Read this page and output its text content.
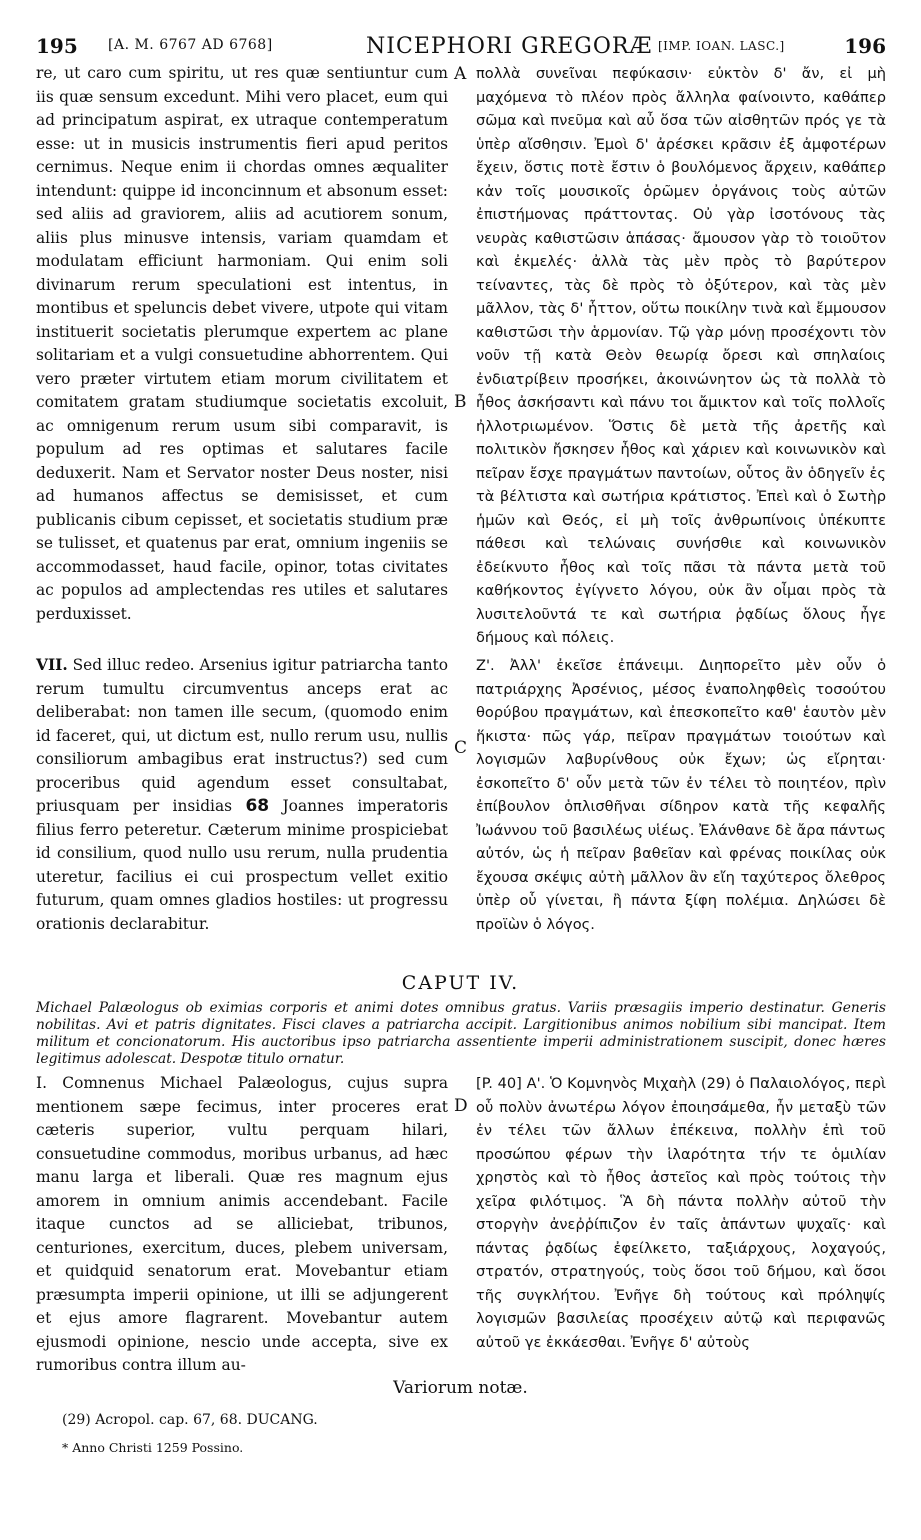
195 [A. M. 6767 AD 6768]	NICEPHORI GREGORÆ [IMP. IOAN. LASC.]	196

re, ut caro cum spiritu, ut res quæ sentiuntur cum iis quæ sensum excedunt. Mihi vero placet, eum qui ad principatum aspirat, ex utraque contemperatum esse: ut in musicis instrumentis fieri apud peritos cernimus. Neque enim ii chordas omnes æqualiter intendunt: quippe id inconcinnum et absonum esset: sed aliis ad graviorem, aliis ad acutiorem sonum, aliis plus minusve intensis, variam quamdam et modulatam efficiunt harmoniam. Qui enim soli divinarum rerum speculationi est intentus, in montibus et speluncis debet vivere, utpote qui vitam instituerit societatis plerumque expertem ac plane solitariam et a vulgi consuetudine abhorrentem. Qui vero præter virtutem etiam morum civilitatem et comitatem gratam studiumque societatis excoluit, ac omnigenum rerum usum sibi comparavit, is populum ad res optimas et salutares facile deduxerit. Nam et Servator noster Deus noster, nisi ad humanos affectus se demisisset, et cum publicanis cibum cepisset, et societatis studium præ se tulisset, et quatenus par erat, omnium ingeniis se accommodasset, haud facile, opinor, totas civitates ac populos ad amplectendas res utiles et salutares perduxisset.

πολλὰ συνεῖναι πεφύκασιν· εὐκτὸν δ' ἄν, εἰ μὴ μαχόμενα τὸ πλέον πρὸς ἄλληλα φαίνοιντο, καθάπερ σῶμα καὶ πνεῦμα καὶ αὖ ὅσα τῶν αἰσθητῶν πρός γε τὰ ὑπὲρ αἴσθησιν. Ἐμοὶ δ' ἀρέσκει κρᾶσιν ἐξ ἀμφοτέρων ἔχειν, ὅστις ποτὲ ἔστιν ὁ βουλόμενος ἄρχειν, καθάπερ κἀν τοῖς μουσικοῖς ὁρῶμεν ὀργάνοις τοὺς αὐτῶν ἐπιστήμονας πράττοντας. Οὐ γὰρ ἰσοτόνους τὰς νευρὰς καθιστῶσιν ἁπάσας· ἄμουσον γὰρ τὸ τοιοῦτον καὶ ἐκμελές· ἀλλὰ τὰς μὲν πρὸς τὸ βαρύτερον τείναντες, τὰς δὲ πρὸς τὸ ὀξύτερον, καὶ τὰς μὲν μᾶλλον, τὰς δ' ἧττον, οὕτω ποικίλην τινὰ καὶ ἔμμουσον καθιστῶσι τὴν ἁρμονίαν. Τῷ γὰρ μόνῃ προσέχοντι τὸν νοῦν τῇ κατὰ Θεὸν θεωρίᾳ ὄρεσι καὶ σπηλαίοις ἐνδιατρίβειν προσήκει, ἀκοινώνητον ὡς τὰ πολλὰ τὸ ἦθος ἀσκήσαντι καὶ πάνυ τοι ἄμικτον καὶ τοῖς πολλοῖς ἠλλοτριωμένον. Ὅστις δὲ μετὰ τῆς ἀρετῆς καὶ πολιτικὸν ἤσκησεν ἦθος καὶ χάριεν καὶ κοινωνικὸν καὶ πεῖραν ἔσχε πραγμάτων παντοίων, οὗτος ἂν ὁδηγεῖν ἐς τὰ βέλτιστα καὶ σωτήρια κράτιστος. Ἐπεὶ καὶ ὁ Σωτὴρ ἡμῶν καὶ Θεός, εἰ μὴ τοῖς ἀνθρωπίνοις ὑπέκυπτε πάθεσι καὶ τελώναις συνήσθιε καὶ κοινωνικὸν ἐδείκνυτο ἦθος καὶ τοῖς πᾶσι τὰ πάντα μετὰ τοῦ καθήκοντος ἐγίγνετο λόγου, οὐκ ἂν οἶμαι πρὸς τὰ λυσιτελοῦντά τε καὶ σωτήρια ῥᾳδίως ὅλους ἦγε δήμους καὶ πόλεις.

A
B
C
D

VII. Sed illuc redeo. Arsenius igitur patriarcha tanto rerum tumultu circumventus anceps erat ac deliberabat: non tamen ille secum, (quomodo enim id faceret, qui, ut dictum est, nullo rerum usu, nullis consiliorum ambagibus erat instructus?) sed cum proceribus quid agendum esset consultabat, priusquam per insidias 68 Joannes imperatoris filius ferro peteretur. Cæterum minime prospiciebat id consilium, quod nullo usu rerum, nulla prudentia uteretur, facilius ei cui prospectum vellet exitio futurum, quam omnes gladios hostiles: ut progressu orationis declarabitur.

Ζ'. Ἀλλ' ἐκεῖσε ἐπάνειμι. Διηπορεῖτο μὲν οὖν ὁ πατριάρχης Ἀρσένιος, μέσος ἐναποληφθεὶς τοσούτου θορύβου πραγμάτων, καὶ ἐπεσκοπεῖτο καθ' ἑαυτὸν μὲν ἥκιστα· πῶς γάρ, πεῖραν πραγμάτων τοιούτων καὶ λογισμῶν λαβυρίνθους οὐκ ἔχων; ὡς εἴρηται· ἐσκοπεῖτο δ' οὖν μετὰ τῶν ἐν τέλει τὸ ποιητέον, πρὶν ἐπίβουλον ὁπλισθῆναι σίδηρον κατὰ τῆς κεφαλῆς Ἰωάννου τοῦ βασιλέως υἱέως. Ἐλάνθανε δὲ ἄρα πάντως αὐτόν, ὡς ἡ πεῖραν βαθεῖαν καὶ φρένας ποικίλας οὐκ ἔχουσα σκέψις αὐτὴ μᾶλλον ἂν εἴη ταχύτερος ὄλεθρος ὑπὲρ οὗ γίνεται, ἢ πάντα ξίφη πολέμια. Δηλώσει δὲ προϊὼν ὁ λόγος.

CAPUT IV.
Michael Palæologus ob eximias corporis et animi dotes omnibus gratus. Variis præsagiis imperio destinatur. Generis nobilitas. Avi et patris dignitates. Fisci claves a patriarcha accipit. Largitionibus animos nobilium sibi mancipat. Item militum et concionatorum. His auctoribus ipso patriarcha assentiente imperii administrationem suscipit, donec hæres legitimus adolescat. Despotæ titulo ornatur.

I. Comnenus Michael Palæologus, cujus supra mentionem sæpe fecimus, inter proceres erat cæteris superior, vultu perquam hilari, consuetudine commodus, moribus urbanus, ad hæc manu larga et liberali. Quæ res magnum ejus amorem in omnium animis accendebant. Facile itaque cunctos ad se alliciebat, tribunos, centuriones, exercitum, duces, plebem universam, et quidquid senatorum erat. Movebantur etiam præsumpta imperii opinione, ut illi se adjungerent et ejus amore flagrarent. Movebantur autem ejusmodi opinione, nescio unde accepta, sive ex rumoribus contra illum au-

[P. 40] Α'. Ὁ Κομνηνὸς Μιχαὴλ (29) ὁ Παλαιολόγος, περὶ οὗ πολὺν ἀνωτέρω λόγον ἐποιησάμεθα, ἦν μεταξὺ τῶν ἐν τέλει τῶν ἄλλων ἐπέκεινα, πολλὴν ἐπὶ τοῦ προσώπου φέρων τὴν ἱλαρότητα τήν τε ὁμιλίαν χρηστὸς καὶ τὸ ἦθος ἀστεῖος καὶ πρὸς τούτοις τὴν χεῖρα φιλότιμος. Ἃ δὴ πάντα πολλὴν αὐτοῦ τὴν στοργὴν ἀνεῤῥίπιζον ἐν ταῖς ἁπάντων ψυχαῖς· καὶ πάντας ῥᾳδίως ἐφείλκετο, ταξιάρχους, λοχαγούς, στρατόν, στρατηγούς, τοὺς ὅσοι τοῦ δήμου, καὶ ὅσοι τῆς συγκλήτου. Ἐνῆγε δὴ τούτους καὶ πρόληψίς λογισμῶν βασιλείας προσέχειν αὐτῷ καὶ περιφανῶς αὐτοῦ γε ἐκκάεσθαι. Ἐνῆγε δ' αὐτοὺς

Variorum notæ.
(29) Acropol. cap. 67, 68. DUCANG.
* Anno Christi 1259 Possino.
